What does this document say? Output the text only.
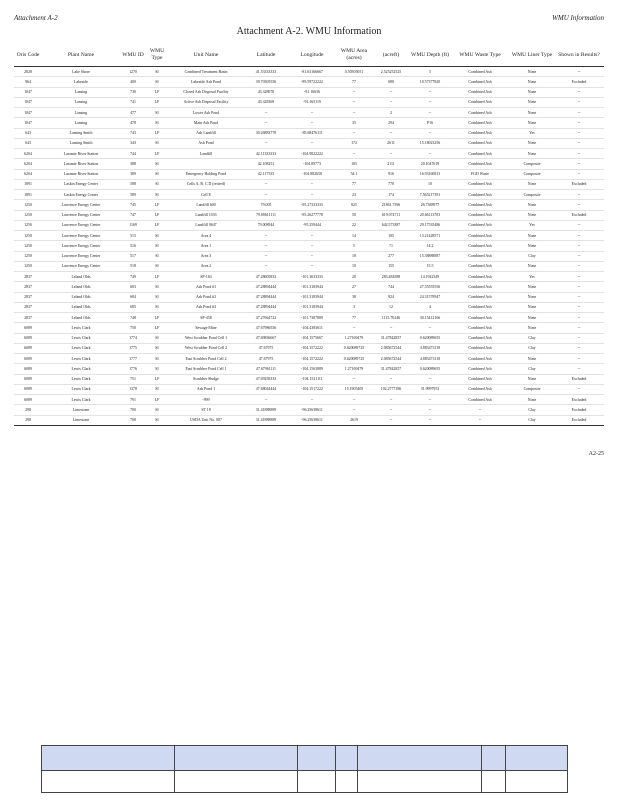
Attachment A-2	WMU Information
Attachment A-2. WMU Information
Oris Code	Plant Name	WMU ID	WMU Type	Unit Name	Latitude	Longitude	WMU Area (acres)	(acreft)	WMU Depth (ft)	WMU Waste Type	WMU Liner Type	Shown in Results?
2828	Lake Shore	1270	SI	Combined Treatment Basin	41.53333333	-81.63166667	0.50505051	2.525252525	5	Combined Ash	None	--
964	Lakeside	400	SI	Lakeside Ash Pond	39.70305556	-89.59722222	77	680	10.57377820	Combined Ash	None	Excluded
1047	Lansing	730	LF	Closed Ash Disposal Facility	43.328078	-91.16636	--	--	--	Combined Ash	None	--
1047	Lansing	741	LF	Active Ash Disposal Facility	43.328369	-91.165119	--	--	--	Combined Ash	None	--
1047	Lansing	477	SI	Lower Ash Pond	--	--	--	2	--	Combined Ash	None	--
1047	Lansing	478	SI	Main Ash Pond	--	--	35	294	P16	Combined Ash	None	--
643	Lansing Smith	743	LF	Ash Landfill	30.26883778	-85.68476111	--	--	--	Combined Ash	Yes	--
643	Lansing Smith	343	SI	Ash Pond	--	--	172	2611	15.18023256	Combined Ash	None	--
6204	Laramie River Station	744	LF	Landfill	42.11333333	-104.9822222	--	--	--	Combined Ash	None	--
6204	Laramie River Station	388	SI		42.108251	-104.89773	105	2111	20.1047619	Combined Ash	Composite	--
6204	Laramie River Station	389	SI	Emergency Holding Pond	42.117535	-104.882658	54.1	916	16.93160813	FGD Waste	Composite	--
1891	Laskin Energy Center	588	SI	Cells A, B, C D (retired)	--	--	77	770	10	Combined Ash	None	Excluded
1891	Laskin Energy Center	589	SI	Cell E	--	--	23	174	7.565217391	Combined Ash	Composite	--
1250	Lawrence Energy Center	745	LF	Landfill 600	79.005	-95.27333333	825	21861.7396	26.7388977	Combined Ash	None	--
1250	Lawrence Energy Center	747	LF	Landfill 1033	79.00611111	-95.26277778	50	619.074711	20.66113703	Combined Ash	None	Excluded
1250	Lawrence Energy Center	1169	LF	Landfill 0647	79.008944	-95.259444	22	642.573387	29.17535486	Combined Ash	Yes	--
1250	Lawrence Energy Center	515	SI	Area 4	--	--	14	105	13.21428571	Combined Ash	None	--
1250	Lawrence Energy Center	516	SI	Area 1	--	--	5	71	14.2	Combined Ash	None	--
1250	Lawrence Energy Center	517	SI	Area 3	--	--	18	277	15.38888887	Combined Ash	Clay	--
1250	Lawrence Energy Center	518	SI	Area 2	--	--	10	155	15.5	Combined Ash	None	--
2837	Leland Olds	749	LF	SP-163	47.28605833	-101.3633333	20	283.484588	14.1942349	Combined Ash	Yes	--
2837	Leland Olds	683	SI	Ash Pond #1	47.28894444	-101.3183944	27	744	27.55555556	Combined Ash	None	--
2837	Leland Olds	684	SI	Ash Pond #2	47.28894444	-101.3183944	38	924	24.31578947	Combined Ash	None	--
2837	Leland Olds	685	SI	Ash Pond #3	47.28894444	-101.3183944	3	12	4	Combined Ash	None	--
2837	Leland Olds	748	LF	SP-458	47.27664722	-101.7387889	77	1115.70246	30.15412166	Combined Ash	None	--
6089	Lewis Clark	750	LF	Sewage Mine	47.67986556	-104.4383611	--	--	--	Combined Ash	None	--
6089	Lewis Clark	1774	SI	West Scrubber Pond Cell 1	47.69836667	-104.1575667	1.27169479	31.47842857	0.620089655	Combined Ash	Clay	--
6089	Lewis Clark	1775	SI	West Scrubber Pond Cell 2	47.67975	-104.1572222	0.620089725	2.085672544	4.883473118	Combined Ash	Clay	--
6089	Lewis Clark	1777	SI	East Scrubber Pond Cell 2	47.67975	-104.1572222	0.620089725	2.085672544	4.883473118	Combined Ash	None	--
6089	Lewis Clark	1776	SI	East Scrubber Pond Cell 1	47.67961111	-104.1563889	1.27169479	31.47842857	0.620089655	Combined Ash	Clay	--
6089	Lewis Clark	751	LF	Scrubber Sludge	47.69258333	-104.1521111	--	--	--	Combined Ash	None	Excluded
6089	Lewis Clark	1378	SI	Ash Pond 1	47.68044444	-104.1517222	15.1905405	102.2777186	31.9997953	Combined Ash	Composite	--
6089	Lewis Clark	791	LF	-999	--	--	--	--	--	Combined Ash	None	Excluded
298	Limestone	700	SI	ST 18	31.41888889	-96.25638611	--	--	--	--	Clay	Excluded
298	Limestone	708	SI	USDA Unit No. 007	31.41888889	-96.25638611	2619	--	--	--	Clay	Excluded
A2-25
